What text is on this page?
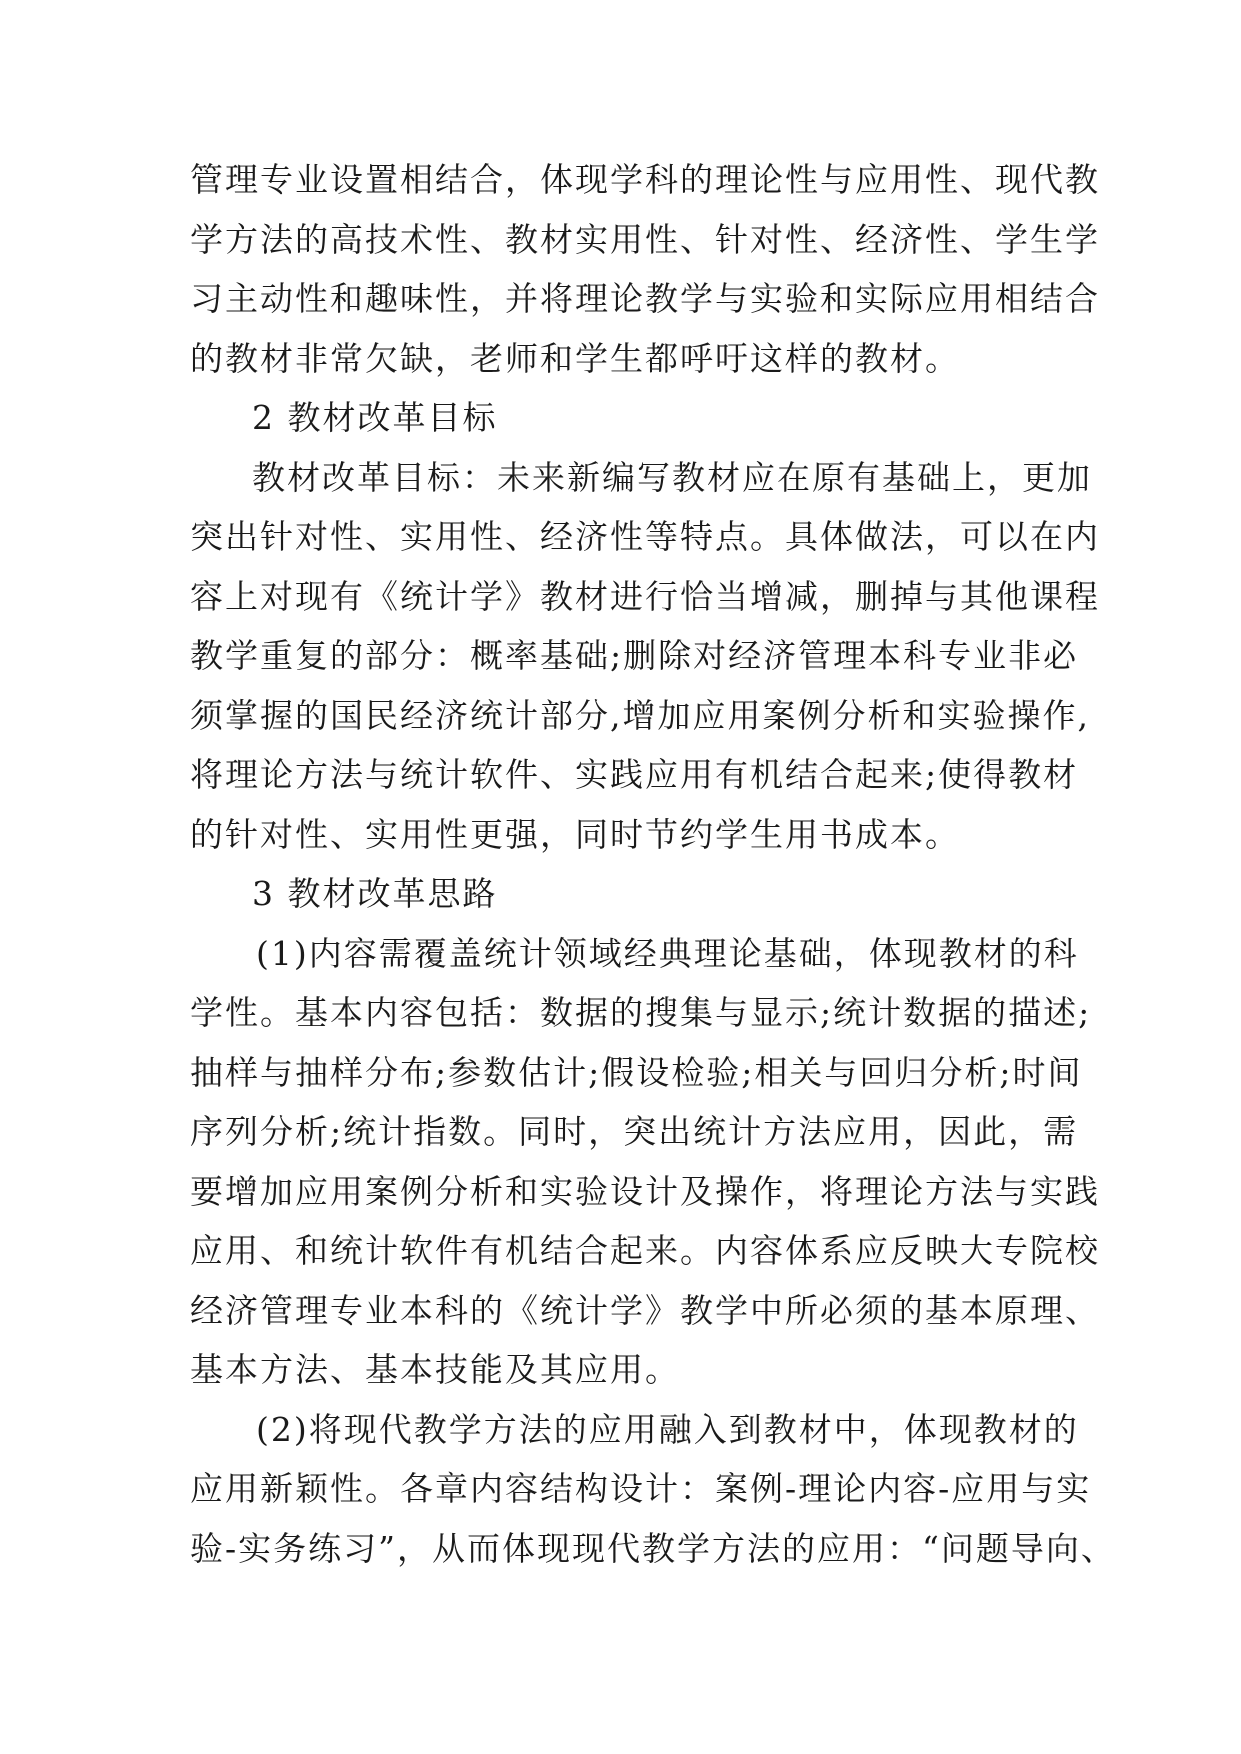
管理专业设置相结合，体现学科的理论性与应用性、现代教
学方法的高技术性、教材实用性、针对性、经济性、学生学
习主动性和趣味性，并将理论教学与实验和实际应用相结合
的教材非常欠缺，老师和学生都呼吁这样的教材。
2 教材改革目标
教材改革目标：未来新编写教材应在原有基础上，更加
突出针对性、实用性、经济性等特点。具体做法，可以在内
容上对现有《统计学》教材进行恰当增减，删掉与其他课程
教学重复的部分：概率基础;删除对经济管理本科专业非必
须掌握的国民经济统计部分,增加应用案例分析和实验操作,
将理论方法与统计软件、实践应用有机结合起来;使得教材
的针对性、实用性更强，同时节约学生用书成本。
3 教材改革思路
(1)内容需覆盖统计领域经典理论基础，体现教材的科
学性。基本内容包括：数据的搜集与显示;统计数据的描述;
抽样与抽样分布;参数估计;假设检验;相关与回归分析;时间
序列分析;统计指数。同时，突出统计方法应用，因此，需
要增加应用案例分析和实验设计及操作，将理论方法与实践
应用、和统计软件有机结合起来。内容体系应反映大专院校
经济管理专业本科的《统计学》教学中所必须的基本原理、
基本方法、基本技能及其应用。
(2)将现代教学方法的应用融入到教材中，体现教材的
应用新颖性。各章内容结构设计：案例-理论内容-应用与实
验-实务练习”，从而体现现代教学方法的应用：“问题导向、
